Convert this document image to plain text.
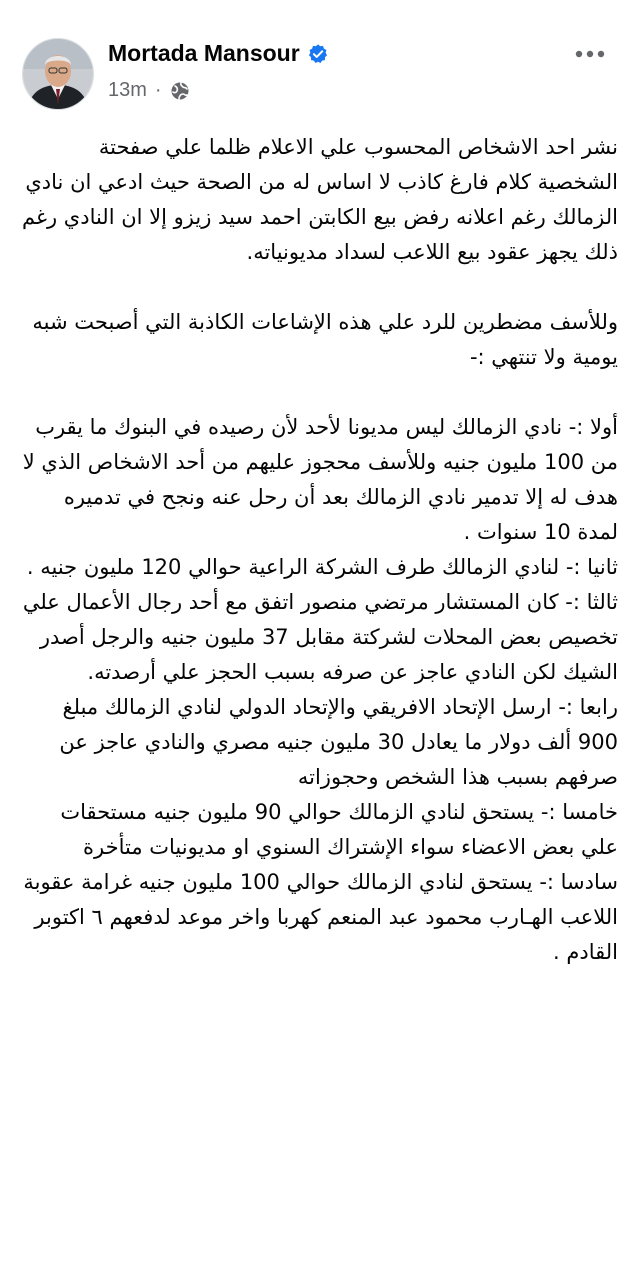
Mortada Mansour
13m ·

نشر احد الاشخاص المحسوب علي الاعلام ظلما علي صفحتة الشخصية كلام فارغ كاذب لا اساس له من الصحة حيث ادعي ان نادي الزمالك رغم اعلانه رفض بيع الكابتن احمد سيد زيزو إلا ان النادي رغم ذلك يجهز عقود بيع اللاعب لسداد مديونياته.

وللأسف مضطرين للرد علي هذه الإشاعات الكاذبة التي أصبحت شبه يومية ولا تنتهي :-

أولا :- نادي الزمالك ليس مديونا لأحد لأن رصيده في البنوك ما يقرب من 100 مليون جنيه وللأسف محجوز عليهم من أحد الاشخاص الذي لا هدف له إلا تدمير نادي الزمالك بعد أن رحل عنه ونجح في تدميره لمدة 10 سنوات .
ثانيا :- لنادي الزمالك طرف الشركة الراعية حوالي 120 مليون جنيه .
ثالثا :- كان المستشار مرتضي منصور اتفق مع أحد رجال الأعمال علي تخصيص بعض المحلات لشركتة مقابل 37 مليون جنيه والرجل أصدر الشيك لكن النادي عاجز عن صرفه بسبب الحجز علي أرصدته.
رابعا :- ارسل الإتحاد الافريقي والإتحاد الدولي لنادي الزمالك مبلغ 900 ألف دولار ما يعادل 30 مليون جنيه مصري والنادي عاجز عن صرفهم بسبب هذا الشخص وحجوزاته
خامسا :- يستحق لنادي الزمالك حوالي 90 مليون جنيه مستحقات علي بعض الاعضاء سواء الإشتراك السنوي او مديونيات متأخرة
سادسا :- يستحق لنادي الزمالك حوالي 100 مليون جنيه غرامة عقوبة اللاعب الهـارب محمود عبد المنعم كهربا واخر موعد لدفعهم ٦ اكتوبر القادم .
